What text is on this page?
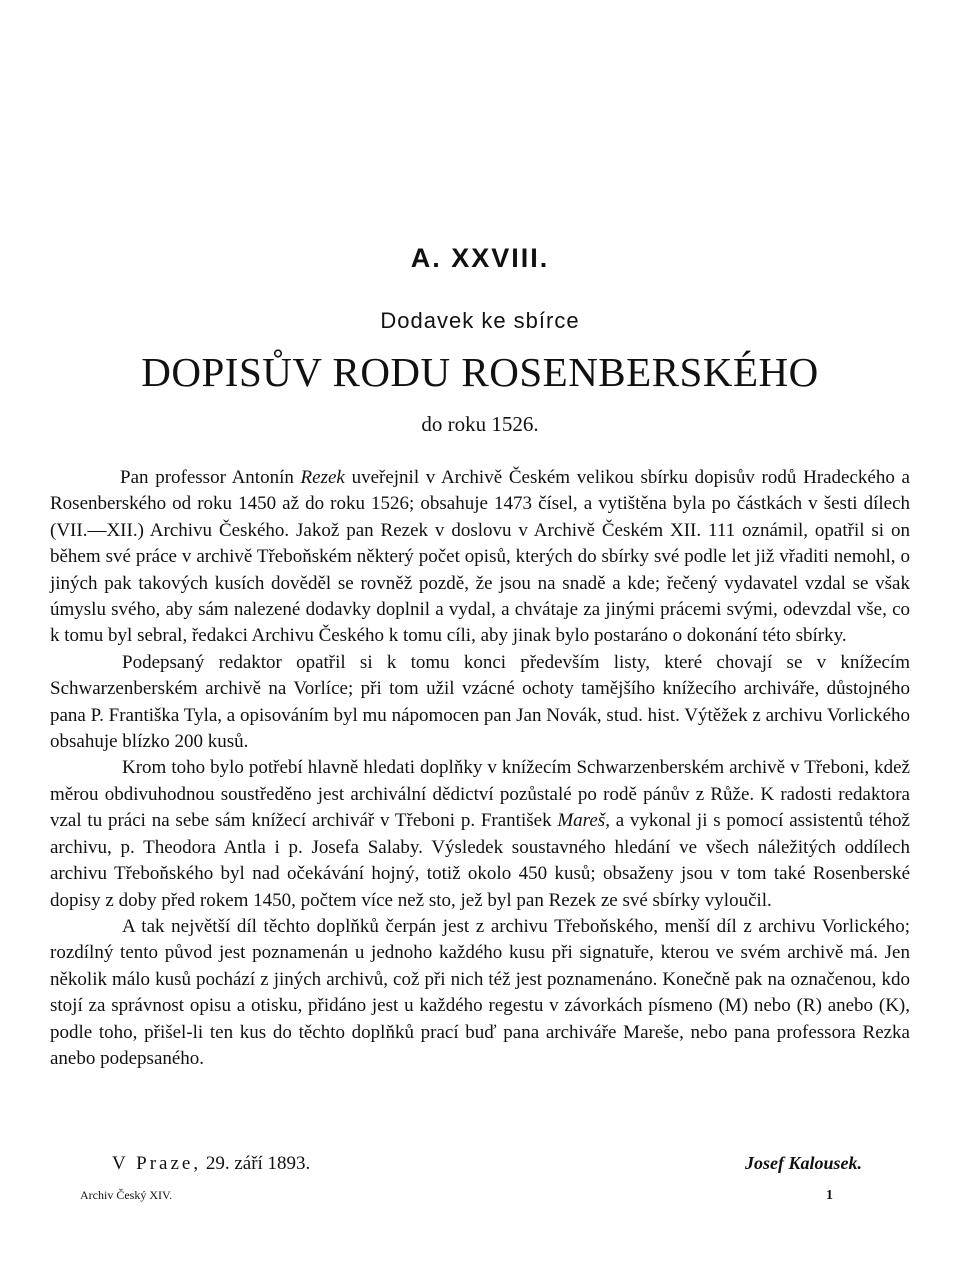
A. XXVIII.
Dodavek ke sbírce
DOPISŮV RODU ROSENBERSKÉHO
do roku 1526.

Pan professor Antonín Rezek uveřejnil v Archivě Českém velikou sbírku dopisův rodů Hradeckého a Rosenberského od roku 1450 až do roku 1526; obsahuje 1473 čísel, a vytištěna byla po částkách v šesti dílech (VII.—XII.) Archivu Českého. Jakož pan Rezek v doslovu v Archivě Českém XII. 111 oznámil, opatřil si on během své práce v archivě Třeboňském některý počet opisů, kterých do sbírky své podle let již vřaditi nemohl, o jiných pak takových kusích dověděl se rovněž pozdě, že jsou na snadě a kde; řečený vydavatel vzdal se však úmyslu svého, aby sám nalezené dodavky doplnil a vydal, a chvátaje za jinými prácemi svými, odevzdal vše, co k tomu byl sebral, ředakci Archivu Českého k tomu cíli, aby jinak bylo postaráno o dokonání této sbírky.

Podepsaný redaktor opatřil si k tomu konci především listy, které chovají se v knížecím Schwarzenberském archivě na Vorlíce; při tom užil vzácné ochoty tamějšího knížecího archiváře, důstojného pana P. Františka Tyla, a opisováním byl mu nápomocen pan Jan Novák, stud. hist. Výtěžek z archivu Vorlického obsahuje blízko 200 kusů.

Krom toho bylo potřebí hlavně hledati doplňky v knížecím Schwarzenberském archivě v Třeboni, kdež měrou obdivuhodnou soustředěno jest archivální dědictví pozůstalé po rodě pánův z Růže. K radosti redaktora vzal tu práci na sebe sám knížecí archivář v Třeboni p. František Mareš, a vykonal ji s pomocí assistentů téhož archivu, p. Theodora Antla i p. Josefa Salaby. Výsledek soustavného hledání ve všech náležitých oddílech archivu Třeboňského byl nad očekávání hojný, totiž okolo 450 kusů; obsaženy jsou v tom také Rosenberské dopisy z doby před rokem 1450, počtem více než sto, jež byl pan Rezek ze své sbírky vyloučil.

A tak největší díl těchto doplňků čerpán jest z archivu Třeboňského, menší díl z archivu Vorlického; rozdílný tento původ jest poznamenán u jednoho každého kusu při signatuře, kterou ve svém archivě má. Jen několik málo kusů pochází z jiných archivů, což při nich též jest poznamenáno. Konečně pak na označenou, kdo stojí za správnost opisu a otisku, přidáno jest u každého regestu v závorkách písmeno (M) nebo (R) anebo (K), podle toho, přišel-li ten kus do těchto doplňků prací buď pana archiváře Mareše, nebo pana professora Rezka anebo podepsaného.

V Praze, 29. září 1893.	Josef Kalousek.
Archiv Český XIV.	1
